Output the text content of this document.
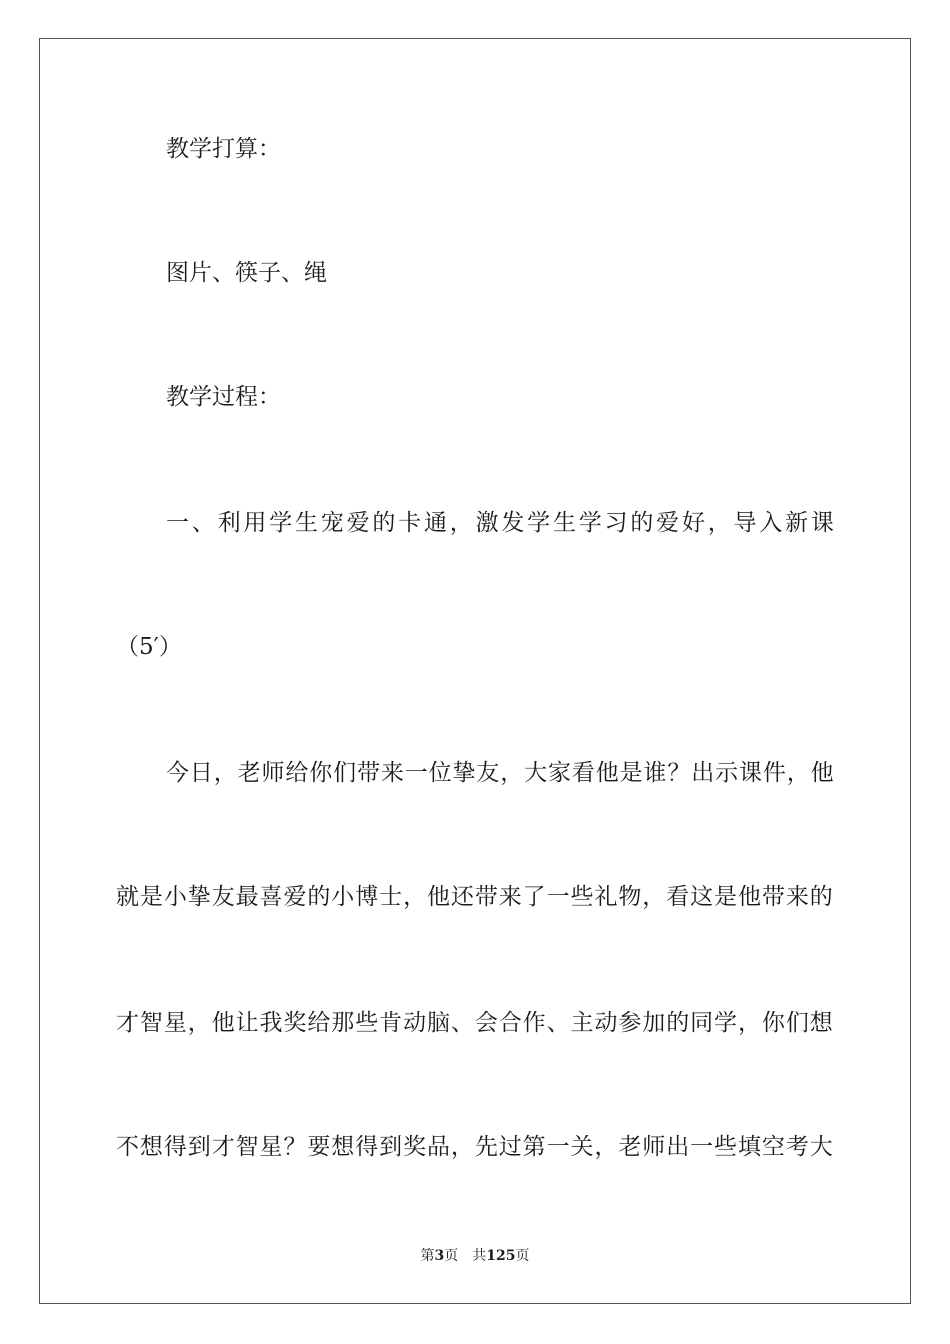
教学打算：
图片、筷子、绳
教学过程：
一 、 利 用 学 生 宠 爱 的 卡 通 ， 激 发 学 生 学 习 的 爱 好 ， 导 入 新 课
（5′）
今 日 ， 老 师 给 你 们 带 来 一 位 挚 友 ， 大 家 看 他 是 谁 ？ 出 示 课 件 ， 他
就 是 小 挚 友 最 喜 爱 的 小 博 士 ， 他 还 带 来 了 一 些 礼 物 ， 看 这 是 他 带 来 的
才 智 星 ， 他 让 我 奖 给 那 些 肯 动 脑 、 会 合 作 、 主 动 参 加 的 同 学 ， 你 们 想
不 想 得 到 才 智 星 ？ 要 想 得 到 奖 品 ， 先 过 第 一 关 ， 老 师 出 一 些 填 空 考 大
第3页 共125页
